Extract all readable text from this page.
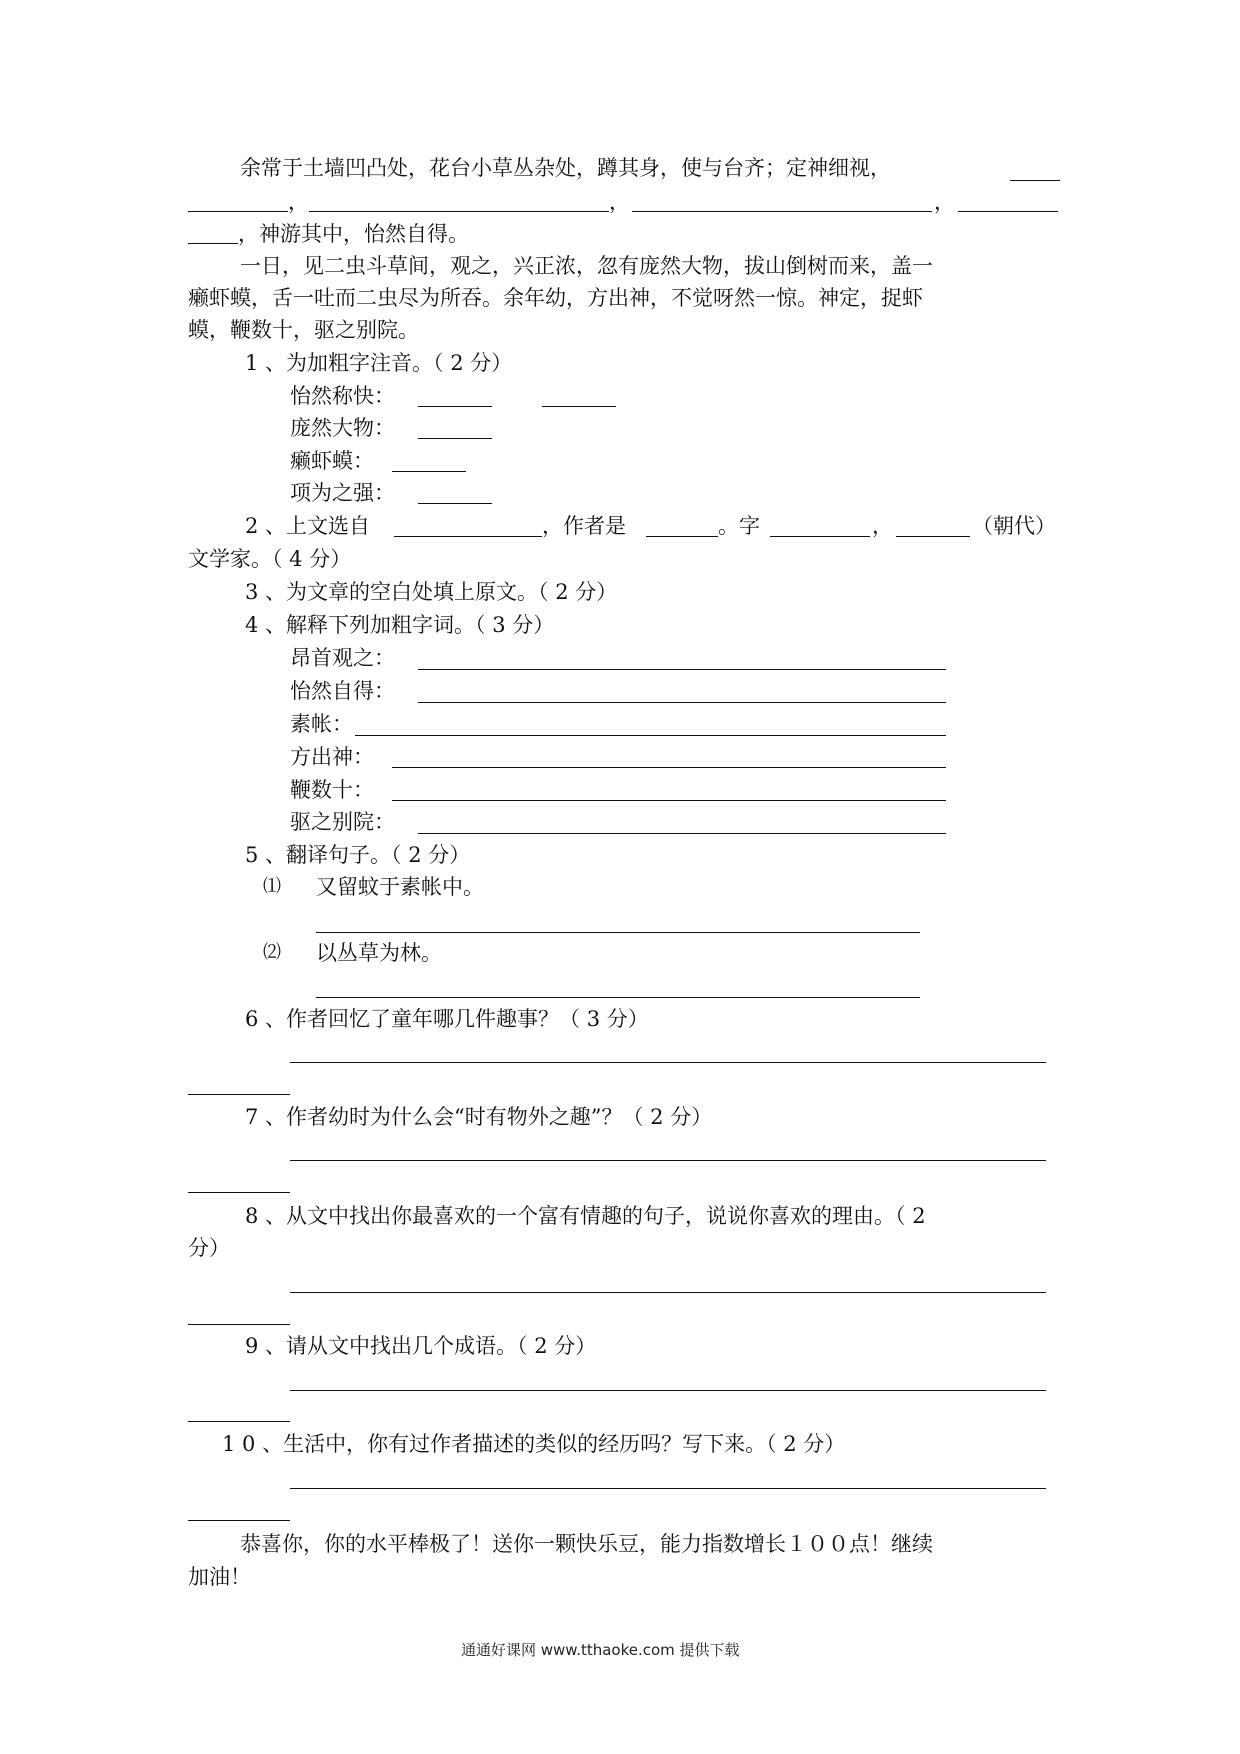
余常于土墙凹凸处，花台小草丛杂处，蹲其身，使与台齐；定神细视，
，	，	，
，神游其中，怡然自得。
一日，见二虫斗草间，观之，兴正浓，忽有庞然大物，拔山倒树而来，盖一
癞虾蟆，舌一吐而二虫尽为所吞。余年幼，方出神，不觉呀然一惊。神定，捉虾
蟆，鞭数十，驱之别院。
1 、为加粗字注音。（ 2 分）
怡然称快：
庞然大物：
癞虾蟆：
项为之强：
2 、上文选自	，作者是	。字	，	（朝代）
文学家。（ 4 分）
3 、为文章的空白处填上原文。（ 2 分）
4 、解释下列加粗字词。（ 3 分）
昂首观之：
怡然自得：
素帐：
方出神：
鞭数十：
驱之别院：
5 、翻译句子。（ 2 分）
⑴ 又留蚊于素帐中。
⑵ 以丛草为林。
6 、作者回忆了童年哪几件趣事？（ 3 分）
7 、作者幼时为什么会“时有物外之趣”？（ 2 分）
8 、从文中找出你最喜欢的一个富有情趣的句子，说说你喜欢的理由。（ 2
分）
9 、请从文中找出几个成语。（ 2 分）
1 0 、生活中，你有过作者描述的类似的经历吗？写下来。（ 2 分）
恭喜你，你的水平棒极了！送你一颗快乐豆，能力指数增长１００点！继续
加油！
通通好课网 www.tthaoke.com 提供下载
